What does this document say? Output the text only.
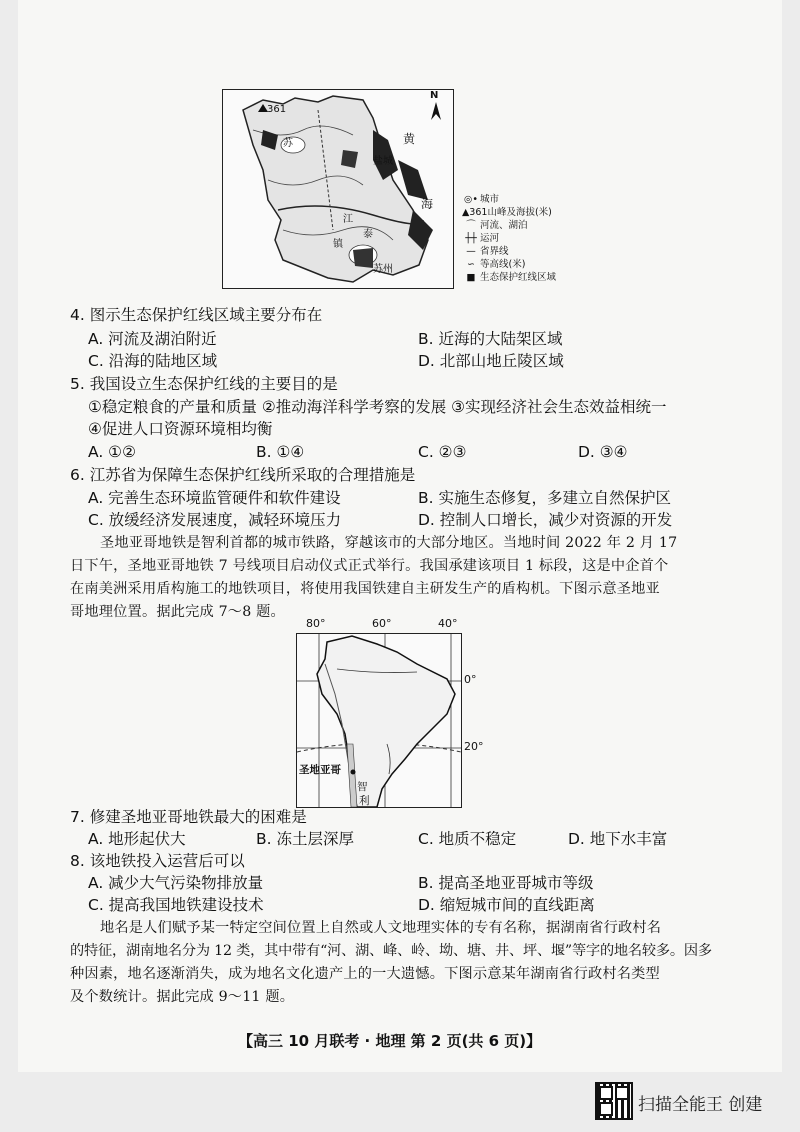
N
361
苏
盐城
黄
海
江
镇
泰
苏州
◎• 城市
▲361山峰及海拔(米)
⌒ 河流、湖泊
┼┼ 运河
— 省界线
∽ 等高线(米)
■ 生态保护红线区域
4. 图示生态保护红线区域主要分布在
A. 河流及湖泊附近	B. 近海的大陆架区域
C. 沿海的陆地区域	D. 北部山地丘陵区域
5. 我国设立生态保护红线的主要目的是
①稳定粮食的产量和质量 ②推动海洋科学考察的发展 ③实现经济社会生态效益相统一
④促进人口资源环境相均衡
A. ①②	B. ①④	C. ②③	D. ③④
6. 江苏省为保障生态保护红线所采取的合理措施是
A. 完善生态环境监管硬件和软件建设	B. 实施生态修复，多建立自然保护区
C. 放缓经济发展速度，减轻环境压力	D. 控制人口增长，减少对资源的开发
圣地亚哥地铁是智利首都的城市铁路，穿越该市的大部分地区。当地时间 2022 年 2 月 17
日下午，圣地亚哥地铁 7 号线项目启动仪式正式举行。我国承建该项目 1 标段，这是中企首个
在南美洲采用盾构施工的地铁项目，将使用我国铁建自主研发生产的盾构机。下图示意圣地亚
哥地理位置。据此完成 7～8 题。
80°	60°	40°
圣地亚哥
智
利
0°
20°
7. 修建圣地亚哥地铁最大的困难是
A. 地形起伏大	B. 冻土层深厚	C. 地质不稳定	D. 地下水丰富
8. 该地铁投入运营后可以
A. 减少大气污染物排放量	B. 提高圣地亚哥城市等级
C. 提高我国地铁建设技术	D. 缩短城市间的直线距离
地名是人们赋予某一特定空间位置上自然或人文地理实体的专有名称，据湖南省行政村名
的特征，湖南地名分为 12 类，其中带有“河、湖、峰、岭、坳、塘、井、坪、堰”等字的地名较多。因多
种因素，地名逐渐消失，成为地名文化遗产上的一大遗憾。下图示意某年湖南省行政村名类型
及个数统计。据此完成 9～11 题。
【高三 10 月联考 · 地理 第 2 页(共 6 页)】
扫描全能王 创建
